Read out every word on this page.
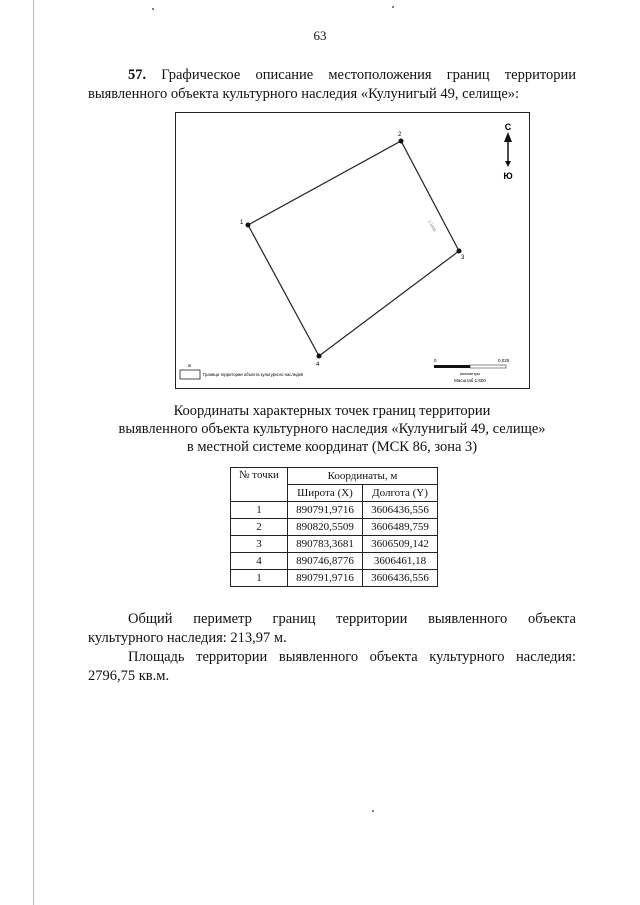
63
57. Графическое описание местоположения границ территории
выявленного объекта культурного наследия «Кулунигый 49, селище»:
1
2
3
4
1:1000
С
Ю
a
Граница территории объекта культурного наследия
0	0,025
километры
Масштаб 1:600
Координаты характерных точек границ территории
выявленного объекта культурного наследия «Кулунигый 49, селище»
в местной системе координат (МСК 86, зона 3)
№ точки	Координаты, м	
	Широта (X)	Долгота (Y)
1	890791,9716	3606436,556
2	890820,5509	3606489,759
3	890783,3681	3606509,142
4	890746,8776	3606461,18
1	890791,9716	3606436,556

Общий периметр границ территории выявленного объекта

культурного наследия: 213,97 м.

Площадь территории выявленного объекта культурного наследия:

2796,75 кв.м.
